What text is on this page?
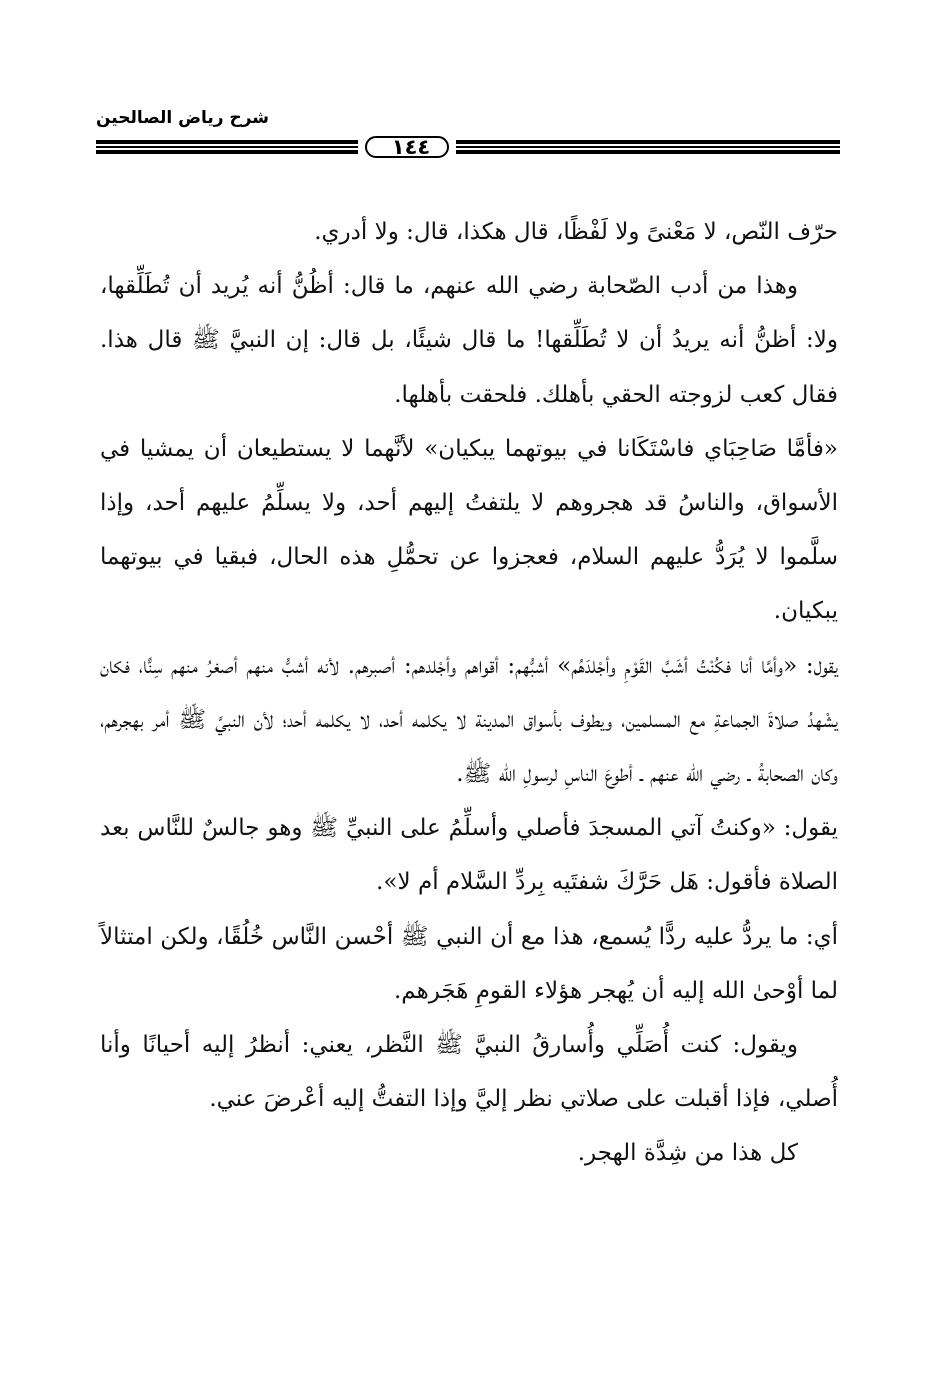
شرح رياض الصالحين
١٤٤

حرّف النّص، لا مَعْنىً ولا لَفْظًا، قال هكذا، قال: ولا أدري.

وهذا من أدب الصّحابة رضي الله عنهم، ما قال: أظُنُّ أنه يُريد أن تُطَلِّقها، ولا: أظنُّ أنه يريدُ أن لا تُطَلِّقها! ما قال شيئًا، بل قال: إن النبيَّ ﷺ قال هذا. فقال كعب لزوجته الحقي بأهلك. فلحقت بأهلها.

«فأمَّا صَاحِبَاي فاسْتَكَانا في بيوتهما يبكيان» لأنَّهما لا يستطيعان أن يمشيا في الأسواق، والناسُ قد هجروهم لا يلتفتُ إليهم أحد، ولا يسلِّمُ عليهم أحد، وإذا سلَّموا لا يُرَدُّ عليهم السلام، فعجزوا عن تحمُّلِ هذه الحال، فبقيا في بيوتهما يبكيان.

يقول: «وأمَّا أنا فكُنْتُ أشَبَّ القَوْمِ وأجْلدَهُم» أشبُّهم: أقواهم وأجْلدهم: أصبرهم. لأنه أشبُّ منهم أصغرُ منهم سِنًّا، فكان يشْهدُ صلاةَ الجماعةِ مع المسلمين، ويطوف بأسواق المدينة لا يكلمه أحد، لا يكلمه أحد؛ لأن النبيَّ ﷺ أمر بهجرهم، وكان الصحابةُ ـ رضي الله عنهم ـ أطوعَ الناسِ لرسولِ الله ﷺ.

يقول: «وكنتُ آتي المسجدَ فأصلي وأسلِّمُ على النبيِّ ﷺ وهو جالسٌ للنَّاس بعد الصلاة فأقول: هَل حَرَّكَ شفتَيه بِردِّ السَّلام أم لا».

أي: ما يردُّ عليه ردًّا يُسمع، هذا مع أن النبي ﷺ أحْسن النَّاس خُلُقًا، ولكن امتثالاً لما أوْحىٰ الله إليه أن يُهجر هؤلاء القومِ هَجَرهم.

ويقول: كنت أُصَلِّي وأُسارقُ النبيَّ ﷺ النَّظر، يعني: أنظرُ إليه أحيانًا وأنا أُصلي، فإذا أقبلت على صلاتي نظر إليَّ وإذا التفتُّ إليه أعْرضَ عني.

كل هذا من شِدَّة الهجر.
